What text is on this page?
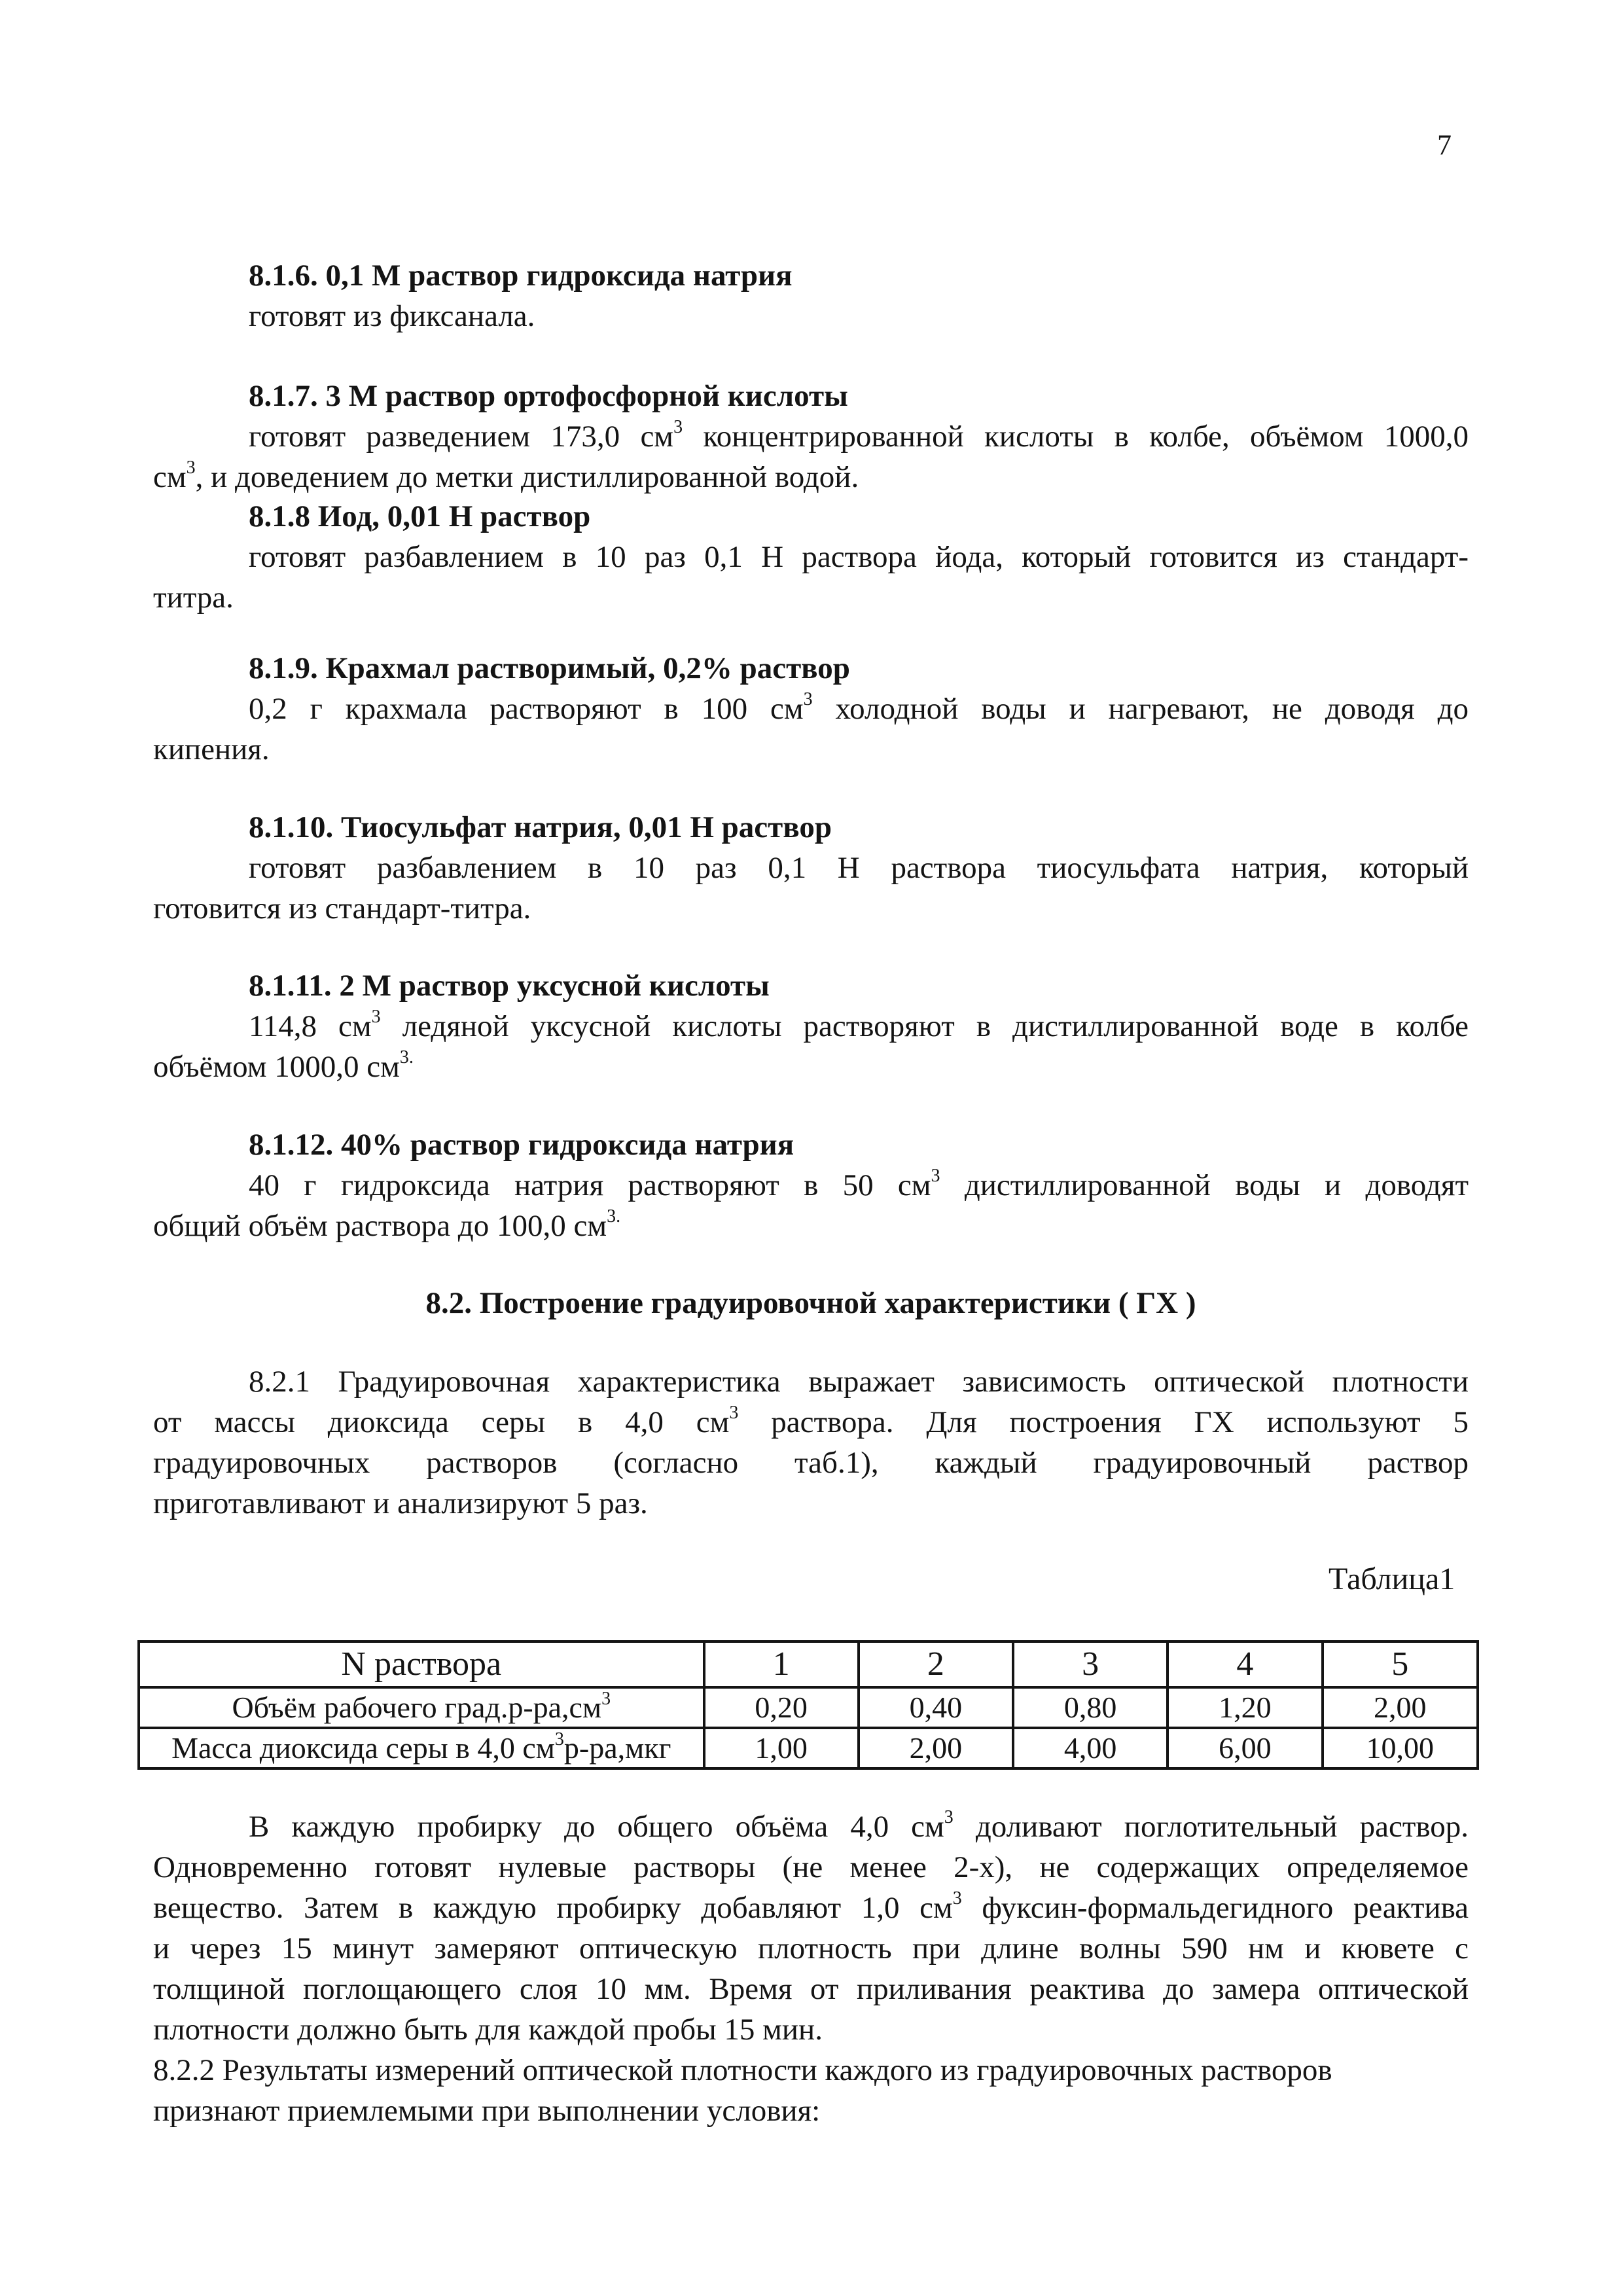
7
8.1.6. 0,1 М раствор гидроксида натрия
готовят из фиксанала.
8.1.7. 3 М раствор ортофосфорной кислоты
готовят разведением 173,0 $см^3$ концентрированной кислоты в колбе, объёмом 1000,0
$см^3$, и доведением до метки дистиллированной водой.
8.1.8 Иод, 0,01 Н раствор
готовят разбавлением в 10 раз 0,1 Н раствора йода, который готовится из стандарт-
титра.
8.1.9. Крахмал растворимый, 0,2% раствор
0,2 г крахмала растворяют в 100 $см^3$ холодной воды и нагревают, не доводя до
кипения.
8.1.10. Тиосульфат натрия, 0,01 Н раствор
готовят разбавлением в 10 раз 0,1 Н раствора тиосульфата натрия, который
готовится из стандарт-титра.
8.1.11. 2 М раствор уксусной кислоты
114,8 $см^3$ ледяной уксусной кислоты растворяют в дистиллированной воде в колбе
объёмом 1000,0 $см^{3.}$
8.1.12. 40% раствор гидроксида натрия
40 г гидроксида натрия растворяют в 50 $см^3$ дистиллированной воды и доводят
общий объём раствора до 100,0 $см^{3.}$
8.2. Построение градуировочной характеристики ( ГХ )
8.2.1 Градуировочная характеристика выражает зависимость оптической плотности
от массы диоксида серы в 4,0 $см^3$ раствора. Для построения ГХ используют 5
градуировочных растворов (согласно таб.1), каждый градуировочный раствор
приготавливают и анализируют 5 раз.
В каждую пробирку до общего объёма 4,0 $см^3$ доливают поглотительный раствор.
Одновременно готовят нулевые растворы (не менее 2-х), не содержащих определяемое
вещество. Затем в каждую пробирку добавляют 1,0 $см^3$ фуксин-формальдегидного реактива
и через 15 минут замеряют оптическую плотность при длине волны 590 нм и кювете с
толщиной поглощающего слоя 10 мм. Время от приливания реактива до замера оптической
плотности должно быть для каждой пробы 15 мин.
8.2.2 Результаты измерений оптической плотности каждого из градуировочных растворов
признают приемлемыми при выполнении условия:
Таблица1
N раствора	1	2	3	4	5
Объём рабочего $град.р-ра,см^3$	0,20	0,40	0,80	1,20	2,00
Масса диоксида серы в 4,0 $см^3р-ра,мкг$	1,00	2,00	4,00	6,00	10,00
